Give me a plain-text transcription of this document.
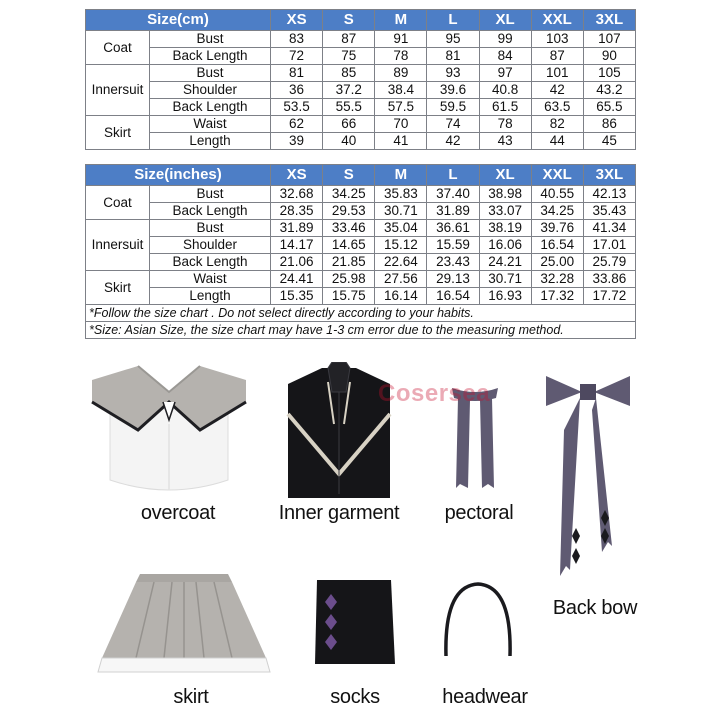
Size(cm)		XS	S	M	L	XL	XXL	3XL
Coat	Bust	83	87	91	95	99	103	107
	Back Length	72	75	78	81	84	87	90
Innersuit	Bust	81	85	89	93	97	101	105
	Shoulder	36	37.2	38.4	39.6	40.8	42	43.2
	Back Length	53.5	55.5	57.5	59.5	61.5	63.5	65.5
Skirt	Waist	62	66	70	74	78	82	86
	Length	39	40	41	42	43	44	45
Size(inches)		XS	S	M	L	XL	XXL	3XL
Coat	Bust	32.68	34.25	35.83	37.40	38.98	40.55	42.13
	Back Length	28.35	29.53	30.71	31.89	33.07	34.25	35.43
Innersuit	Bust	31.89	33.46	35.04	36.61	38.19	39.76	41.34
	Shoulder	14.17	14.65	15.12	15.59	16.06	16.54	17.01
	Back Length	21.06	21.85	22.64	23.43	24.21	25.00	25.79
Skirt	Waist	24.41	25.98	27.56	29.13	30.71	32.28	33.86
	Length	15.35	15.75	16.14	16.54	16.93	17.32	17.72
*Follow the size chart . Do not select directly according to your habits.								
*Size: Asian Size, the size chart may have 1-3 cm error due to the measuring method.								
overcoat	Inner garment	pectoral
Back bow
skirt	socks	headwear
Cosersea
